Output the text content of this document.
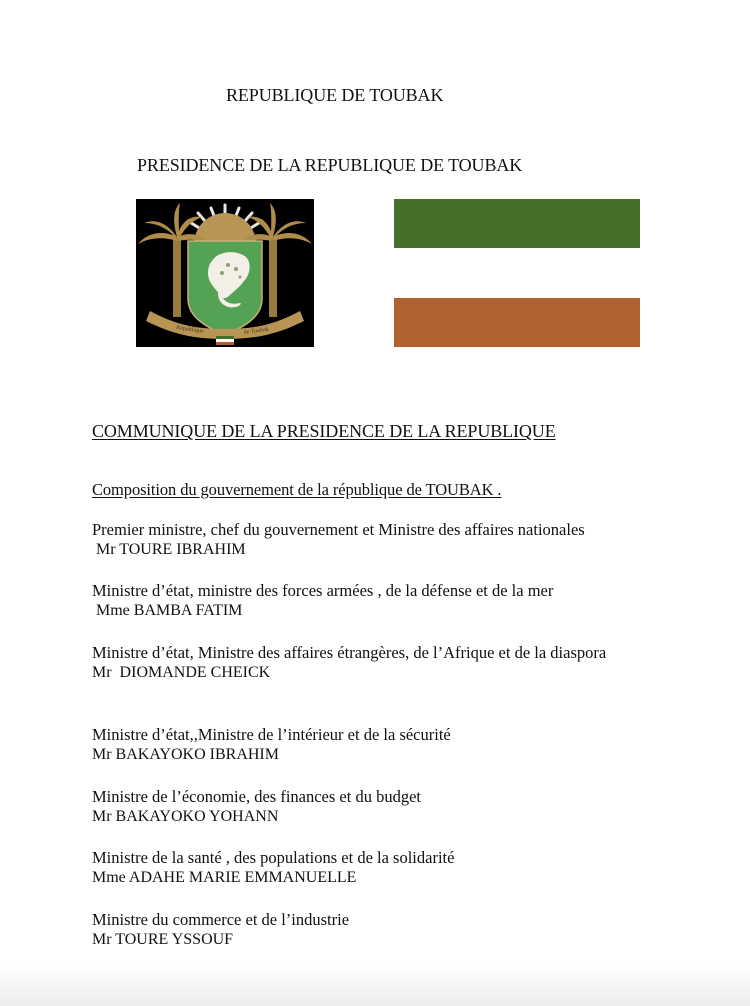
REPUBLIQUE DE TOUBAK
PRESIDENCE DE LA REPUBLIQUE DE TOUBAK
République	de Toubak
COMMUNIQUE DE LA PRESIDENCE DE LA REPUBLIQUE
Composition du gouvernement de la république de TOUBAK .
Premier ministre, chef du gouvernement et Ministre des affaires nationales
Mr TOURE IBRAHIM
Ministre d’état, ministre des forces armées , de la défense et de la mer
Mme BAMBA FATIM
Ministre d’état, Ministre des affaires étrangères, de l’Afrique et de la diaspora
Mr  DIOMANDE CHEICK
Ministre d’état,,Ministre de l’intérieur et de la sécurité
Mr BAKAYOKO IBRAHIM
Ministre de l’économie, des finances et du budget
Mr BAKAYOKO YOHANN
Ministre de la santé , des populations et de la solidarité
Mme ADAHE MARIE EMMANUELLE
Ministre du commerce et de l’industrie
Mr TOURE YSSOUF
